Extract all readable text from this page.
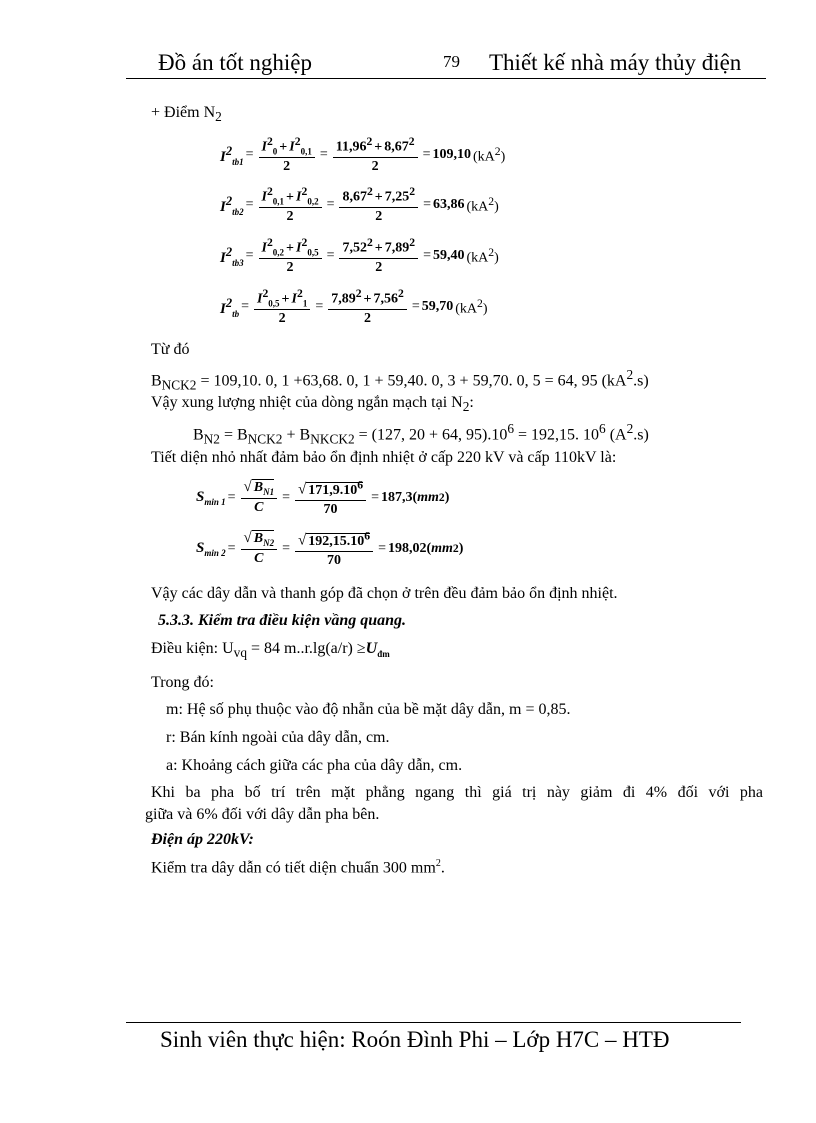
Đồ án tốt nghiệp	79 Thiết kế nhà máy thủy điện
+ Điểm $N_2$
$I^2_{tb1} = \frac{I^2_0 + I^2_{0,1}}{2} = \frac{11,96^2 + 8,67^2}{2} = 109,10$ $(kA^2)$
$I^2_{tb2} = \frac{I^2_{0,1} + I^2_{0,2}}{2} = \frac{8,67^2 + 7,25^2}{2} = 63,86$ $(kA^2)$
$I^2_{tb3} = \frac{I^2_{0,2} + I^2_{0,5}}{2} = \frac{7,52^2 + 7,89^2}{2} = 59,40$ $(kA^2)$
$I^2_{tb} = \frac{I^2_{0,5} + I^2_1}{2} = \frac{7,89^2 + 7,56^2}{2} = 59,70$ $(kA^2)$
Từ đó
$B_{NCK2} = 109,10$. 0, 1 +63,68. 0, 1 + 59,40. 0, 3 + 59,70. 0, 5 = 64, 95 $(kA^2.s)$
Vậy xung lượng nhiệt của dòng ngắn mạch tại $N_2$:
$B_{N2} = B_{NCK2} + B_{NKCK2} = (127$, 20 + 64, $95).10^6 = 192,15$. $10^6$ $(A^2.s)$
Tiết diện nhỏ nhất đảm bảo ổn định nhiệt ở cấp 220 kV và cấp 110kV là:
$S_{min 1} = \frac{√ B_{N1}}{C} = \frac{√ 171,9.10^6}{70} = 187,3$( mm 2 )
$S_{min 2} = \frac{√ B_{N2}}{C} = \frac{√ 192,15.10^6}{70} = 198,02$( mm 2 )
Vậy các dây dẫn và thanh góp đã chọn ở trên đều đảm bảo ổn định nhiệt.
5.3.3. Kiểm tra điều kiện vầng quang.
Điều kiện: $U_{vq} = 84$ $m..r.\lg(a/r) \ge U_{đm}$
Trong đó:
m: Hệ số phụ thuộc vào độ nhẵn của bề mặt dây dẫn, m = 0,85.
r: Bán kính ngoài của dây dẫn, cm.
a: Khoảng cách giữa các pha của dây dẫn, cm.
Khi ba pha bố trí trên mặt phẳng ngang thì giá trị này giảm đi 4% đối với pha
giữa và 6% đối với dây dẫn pha bên.
Điện áp 220kV:
Kiểm tra dây dẫn có tiết diện chuẩn 300 $mm^2$.
Sinh viên thực hiện: Roón Đình Phi – Lớp H7C – HTĐ
